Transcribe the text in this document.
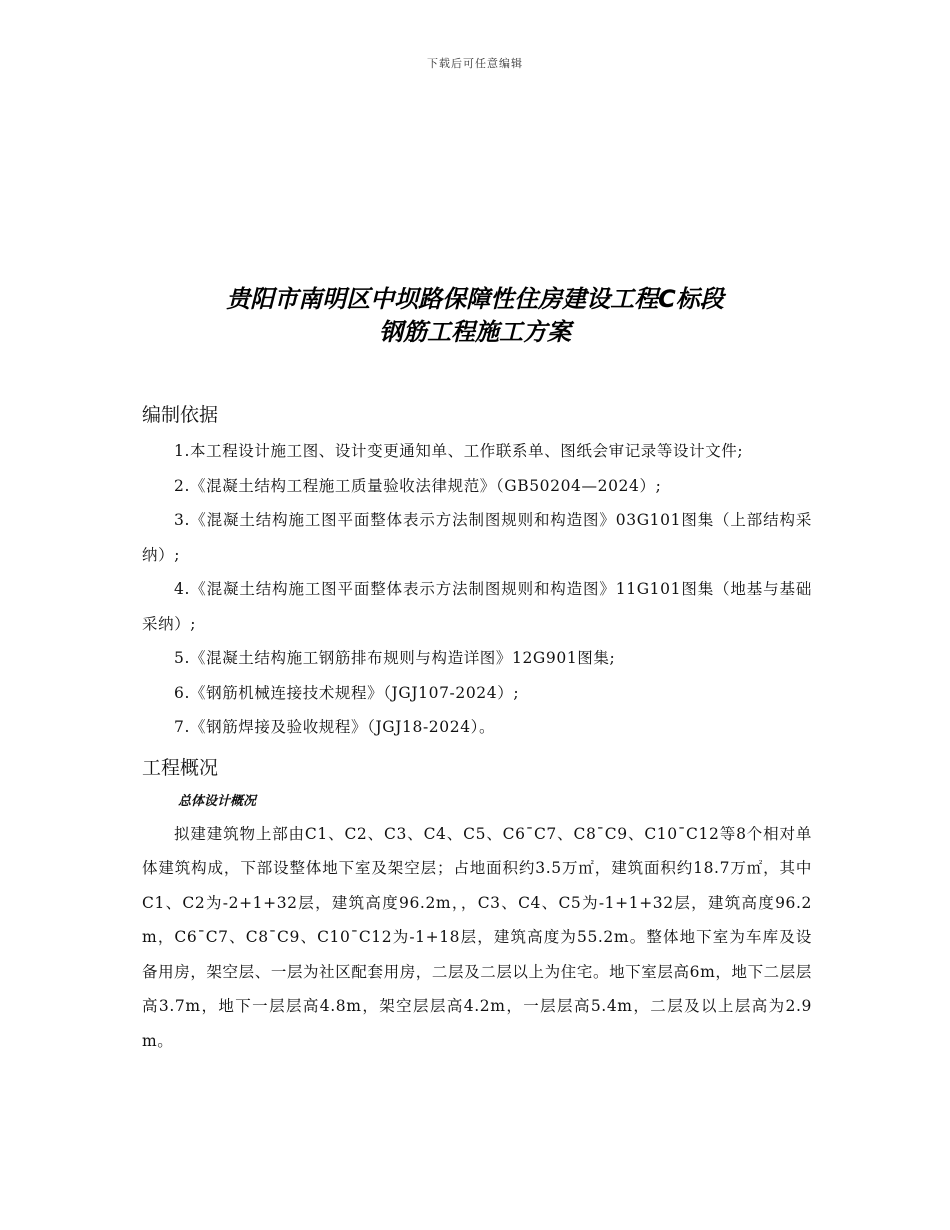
下载后可任意编辑
贵阳市南明区中坝路保障性住房建设工程C标段
钢筋工程施工方案
编制依据

1.本工程设计施工图、设计变更通知单、工作联系单、图纸会审记录等设计文件;

2.《混凝土结构工程施工质量验收法律规范》（GB50204—2024）;

3.《混凝土结构施工图平面整体表示方法制图规则和构造图》03G101图集（上部结构采纳）;

4.《混凝土结构施工图平面整体表示方法制图规则和构造图》11G101图集（地基与基础采纳）;

5.《混凝土结构施工钢筋排布规则与构造详图》12G901图集;

6.《钢筋机械连接技术规程》（JGJ107-2024）;

7.《钢筋焊接及验收规程》（JGJ18-2024）。

工程概况

总体设计概况

拟建建筑物上部由C1、C2、C3、C4、C5、C6¯C7、C8¯C9、C10¯C12等8个相对单体建筑构成，下部设整体地下室及架空层；占地面积约3.5万㎡，建筑面积约18.7万㎡，其中C1、C2为-2+1+32层，建筑高度96.2m，，C3、C4、C5为-1+1+32层，建筑高度96.2m，C6¯C7、C8¯C9、C10¯C12为-1+18层，建筑高度为55.2m。整体地下室为车库及设备用房，架空层、一层为社区配套用房，二层及二层以上为住宅。地下室层高6m，地下二层层高3.7m，地下一层层高4.8m，架空层层高4.2m，一层层高5.4m，二层及以上层高为2.9m。
